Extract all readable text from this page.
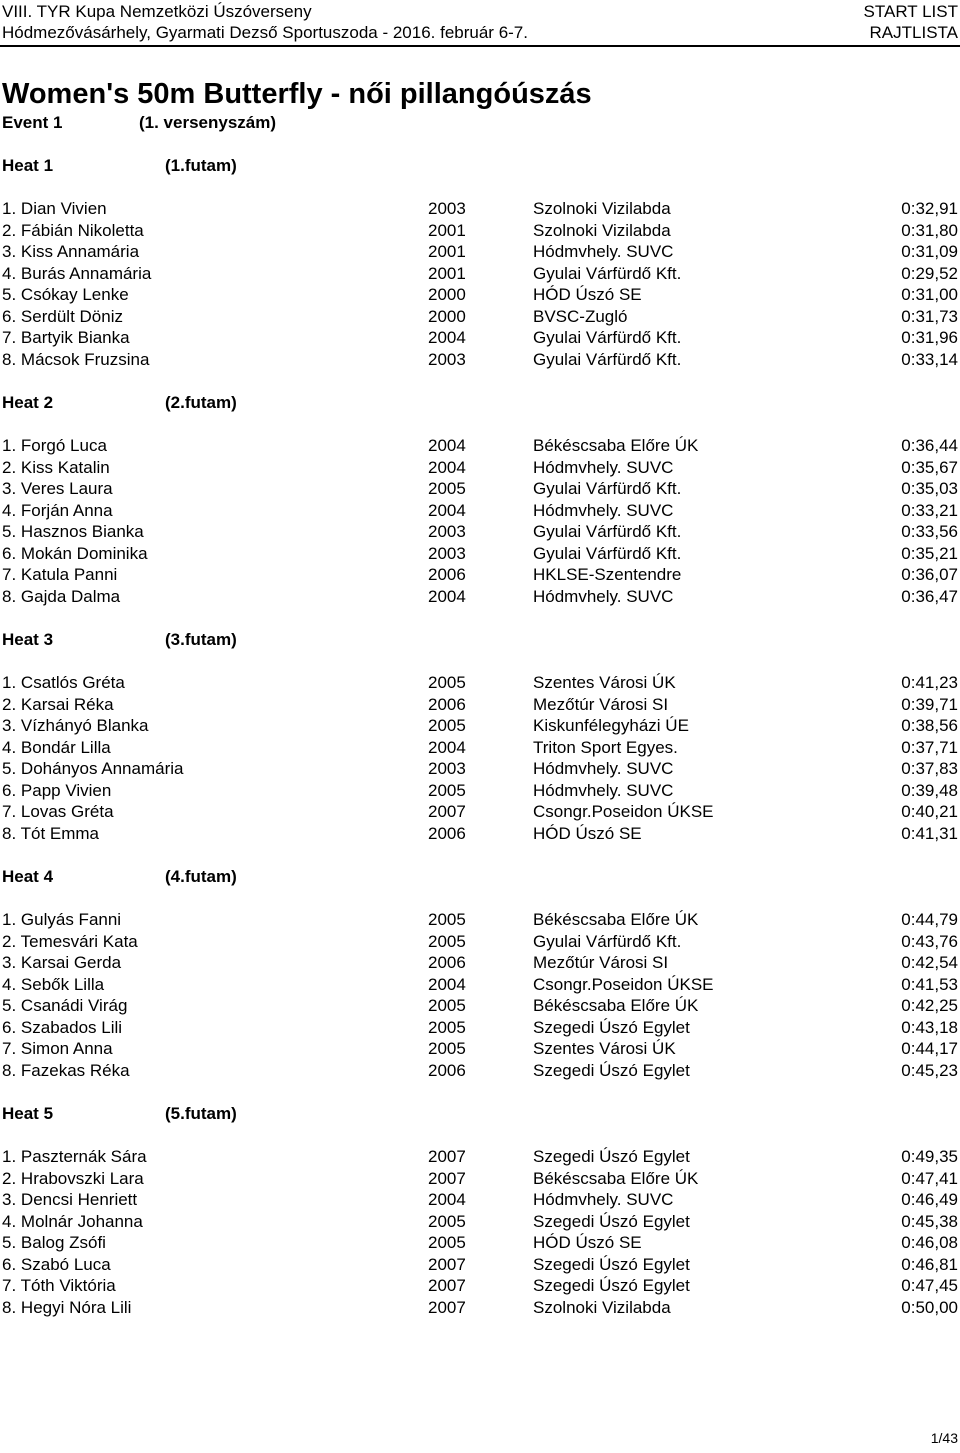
VIII. TYR Kupa Nemzetközi Úszóverseny
Hódmezővásárhely, Gyarmati Dezső Sportuszoda - 2016. február 6-7.
START LIST
RAJTLISTA
Women's 50m Butterfly - női pillangóúszás
Event 1	(1. versenyszám)
Heat 1	(1.futam)
1. Dian Vivien	2003	Szolnoki Vizilabda	0:32,91
2. Fábián Nikoletta	2001	Szolnoki Vizilabda	0:31,80
3. Kiss Annamária	2001	Hódmvhely. SUVC	0:31,09
4. Burás Annamária	2001	Gyulai Várfürdő Kft.	0:29,52
5. Csókay Lenke	2000	HÓD Úszó SE	0:31,00
6. Serdült Döniz	2000	BVSC-Zugló	0:31,73
7. Bartyik Bianka	2004	Gyulai Várfürdő Kft.	0:31,96
8. Mácsok Fruzsina	2003	Gyulai Várfürdő Kft.	0:33,14
Heat 2	(2.futam)
1. Forgó Luca	2004	Békéscsaba Előre ÚK	0:36,44
2. Kiss Katalin	2004	Hódmvhely. SUVC	0:35,67
3. Veres Laura	2005	Gyulai Várfürdő Kft.	0:35,03
4. Forján Anna	2004	Hódmvhely. SUVC	0:33,21
5. Hasznos Bianka	2003	Gyulai Várfürdő Kft.	0:33,56
6. Mokán Dominika	2003	Gyulai Várfürdő Kft.	0:35,21
7. Katula Panni	2006	HKLSE-Szentendre	0:36,07
8. Gajda Dalma	2004	Hódmvhely. SUVC	0:36,47
Heat 3	(3.futam)
1. Csatlós Gréta	2005	Szentes Városi ÚK	0:41,23
2. Karsai Réka	2006	Mezőtúr Városi SI	0:39,71
3. Vízhányó Blanka	2005	Kiskunfélegyházi ÚE	0:38,56
4. Bondár Lilla	2004	Triton Sport Egyes.	0:37,71
5. Dohányos Annamária	2003	Hódmvhely. SUVC	0:37,83
6. Papp Vivien	2005	Hódmvhely. SUVC	0:39,48
7. Lovas Gréta	2007	Csongr.Poseidon ÚKSE	0:40,21
8. Tót Emma	2006	HÓD Úszó SE	0:41,31
Heat 4	(4.futam)
1. Gulyás Fanni	2005	Békéscsaba Előre ÚK	0:44,79
2. Temesvári Kata	2005	Gyulai Várfürdő Kft.	0:43,76
3. Karsai Gerda	2006	Mezőtúr Városi SI	0:42,54
4. Sebők Lilla	2004	Csongr.Poseidon ÚKSE	0:41,53
5. Csanádi Virág	2005	Békéscsaba Előre ÚK	0:42,25
6. Szabados Lili	2005	Szegedi Úszó Egylet	0:43,18
7. Simon Anna	2005	Szentes Városi ÚK	0:44,17
8. Fazekas Réka	2006	Szegedi Úszó Egylet	0:45,23
Heat 5	(5.futam)
1. Paszternák Sára	2007	Szegedi Úszó Egylet	0:49,35
2. Hrabovszki Lara	2007	Békéscsaba Előre ÚK	0:47,41
3. Dencsi Henriett	2004	Hódmvhely. SUVC	0:46,49
4. Molnár Johanna	2005	Szegedi Úszó Egylet	0:45,38
5. Balog Zsófi	2005	HÓD Úszó SE	0:46,08
6. Szabó Luca	2007	Szegedi Úszó Egylet	0:46,81
7. Tóth Viktória	2007	Szegedi Úszó Egylet	0:47,45
8. Hegyi Nóra Lili	2007	Szolnoki Vizilabda	0:50,00
1/43
